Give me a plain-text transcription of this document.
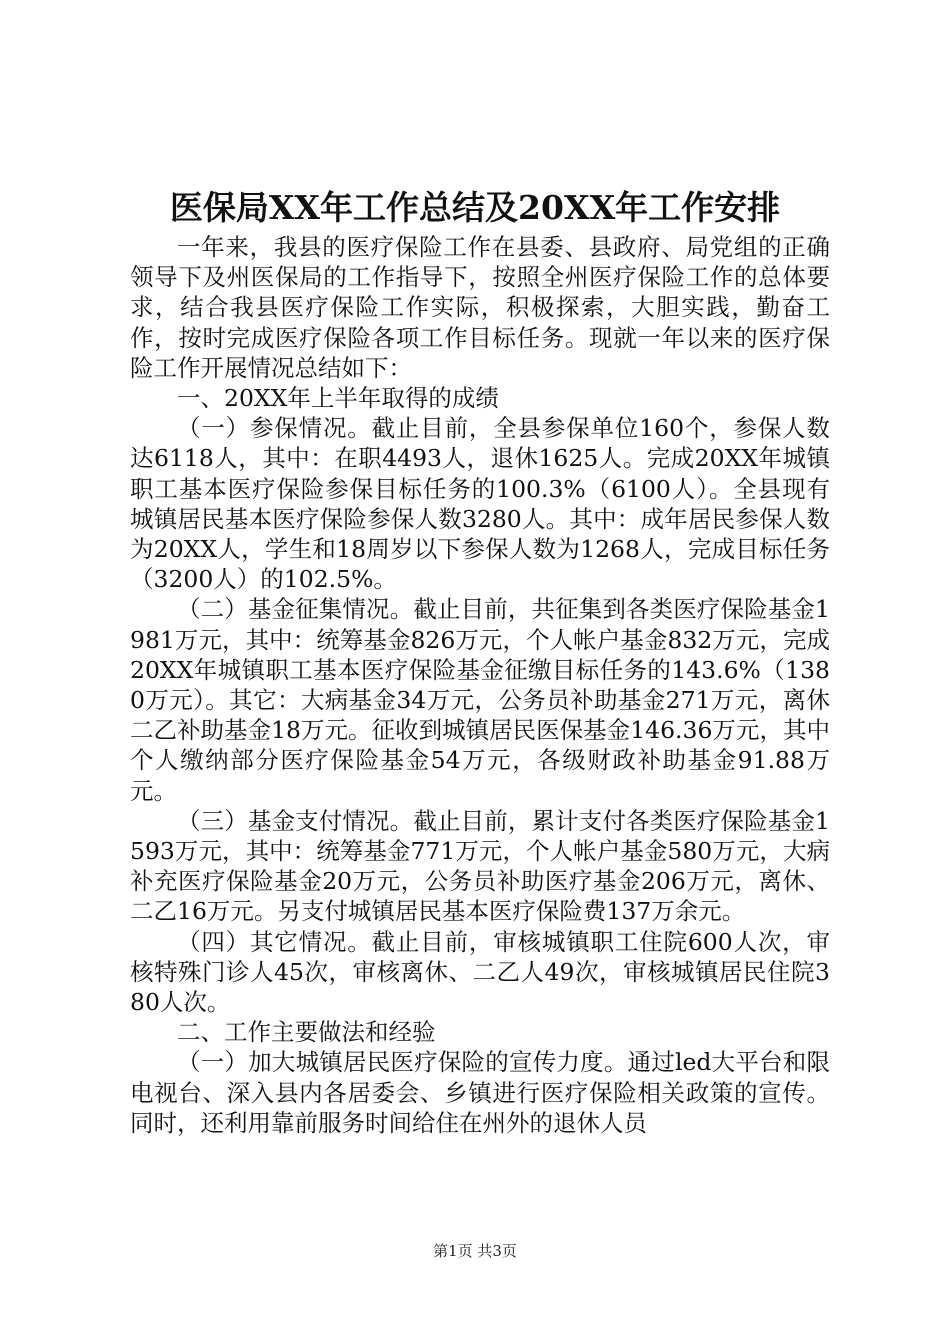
医保局XX年工作总结及20XX年工作安排

一年来，我县的医疗保险工作在县委、县政府、局党组的正确领导下及州医保局的工作指导下，按照全州医疗保险工作的总体要求，结合我县医疗保险工作实际，积极探索，大胆实践，勤奋工作，按时完成医疗保险各项工作目标任务。现就一年以来的医疗保险工作开展情况总结如下：

一、20XX年上半年取得的成绩

（一）参保情况。截止目前，全县参保单位160个，参保人数达6118人，其中：在职4493人，退休1625人。完成20XX年城镇职工基本医疗保险参保目标任务的100.3%（6100人）。全县现有城镇居民基本医疗保险参保人数3280人。其中：成年居民参保人数为20XX人，学生和18周岁以下参保人数为1268人，完成目标任务（3200人）的102.5%。

（二）基金征集情况。截止目前，共征集到各类医疗保险基金1981万元，其中：统筹基金826万元，个人帐户基金832万元，完成20XX年城镇职工基本医疗保险基金征缴目标任务的143.6%（1380万元）。其它：大病基金34万元，公务员补助基金271万元，离休二乙补助基金18万元。征收到城镇居民医保基金146.36万元，其中个人缴纳部分医疗保险基金54万元，各级财政补助基金91.88万元。

（三）基金支付情况。截止目前，累计支付各类医疗保险基金1593万元，其中：统筹基金771万元，个人帐户基金580万元，大病补充医疗保险基金20万元，公务员补助医疗基金206万元，离休、二乙16万元。另支付城镇居民基本医疗保险费137万余元。

（四）其它情况。截止目前，审核城镇职工住院600人次，审核特殊门诊人45次，审核离休、二乙人49次，审核城镇居民住院380人次。

二、工作主要做法和经验

（一）加大城镇居民医疗保险的宣传力度。通过led大平台和限电视台、深入县内各居委会、乡镇进行医疗保险相关政策的宣传。同时，还利用靠前服务时间给住在州外的退休人员

第1页 共3页
